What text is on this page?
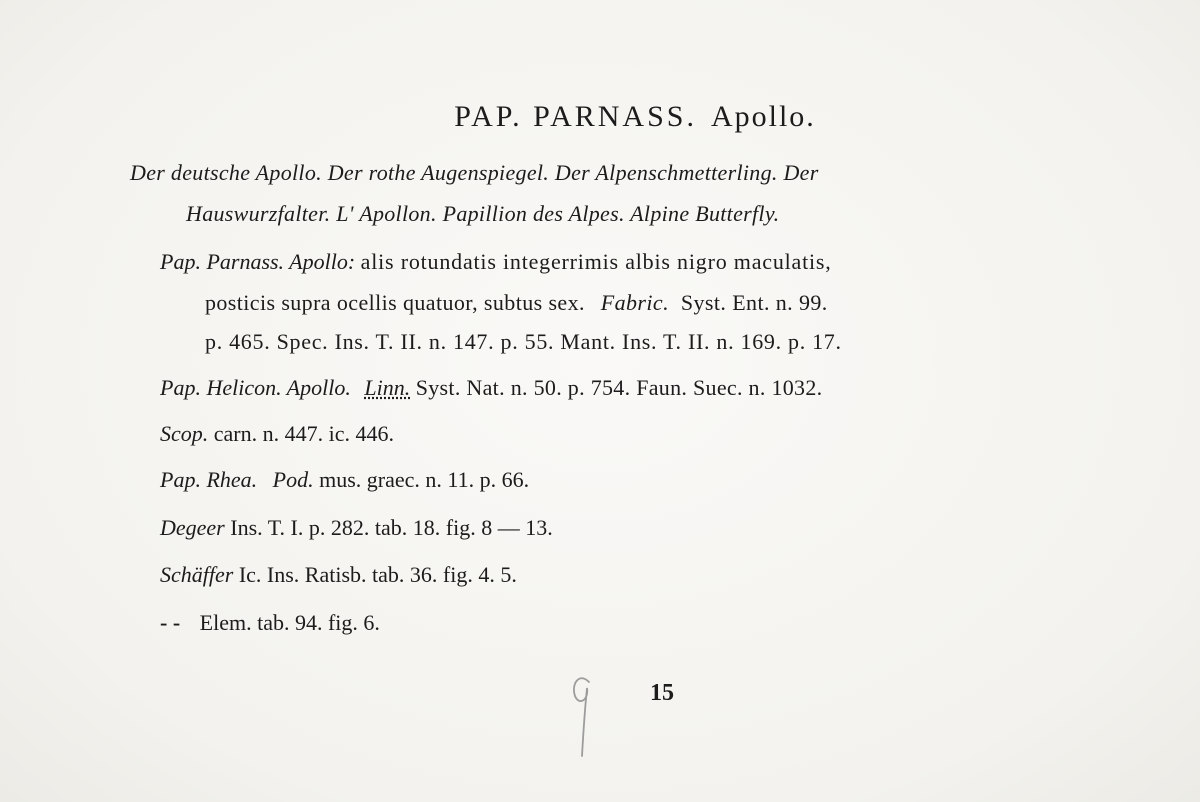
PAP. PARNASS. Apollo.
Der deutsche Apollo. Der rothe Augenspiegel. Der Alpenschmetterling. Der
Hauswurzfalter. L' Apollon. Papillion des Alpes. Alpine Butterfly.
Pap. Parnass. Apollo: alis rotundatis integerrimis albis nigro maculatis,
posticis supra ocellis quatuor, subtus sex. Fabric. Syst. Ent. n. 99.
p. 465. Spec. Ins. T. II. n. 147. p. 55. Mant. Ins. T. II. n. 169. p. 17.
Pap. Helicon. Apollo. Linn. Syst. Nat. n. 50. p. 754. Faun. Suec. n. 1032.
Scop. carn. n. 447. ic. 446.
Pap. Rhea. Pod. mus. graec. n. 11. p. 66.
Degeer Ins. T. I. p. 282. tab. 18. fig. 8 — 13.
Schäffer Ic. Ins. Ratisb. tab. 36. fig. 4. 5.
- - Elem. tab. 94. fig. 6.
15
